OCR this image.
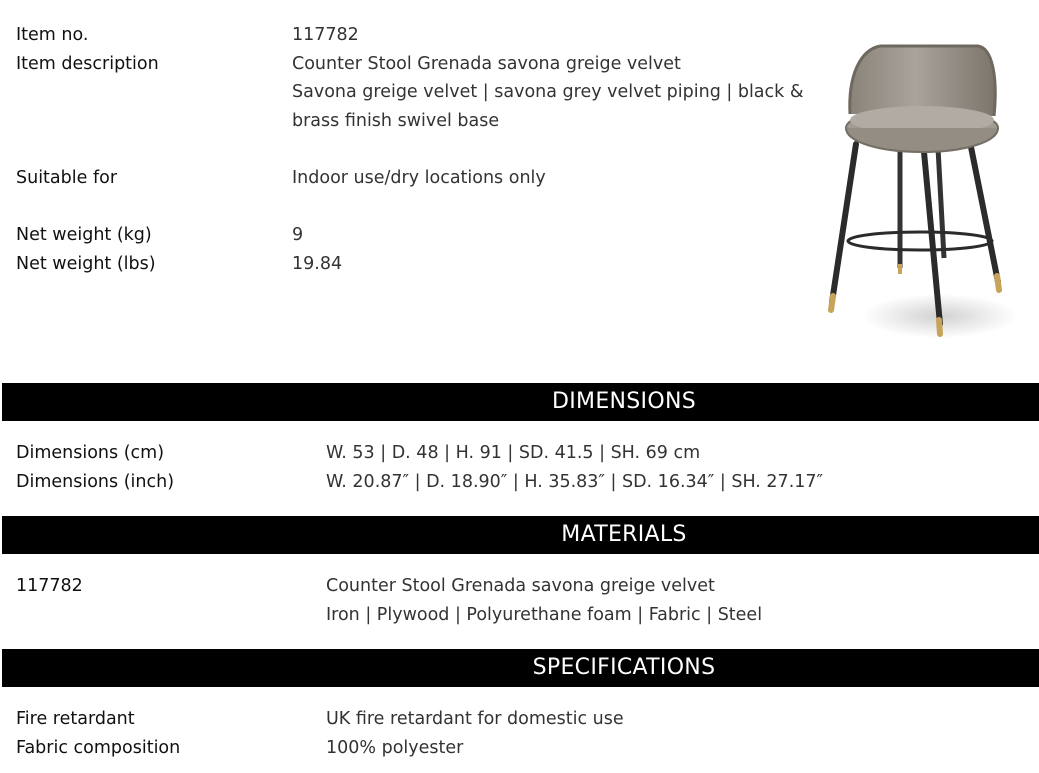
Item no.	117782
Item description	Counter Stool Grenada savona greige velvet
Savona greige velvet | savona grey velvet piping | black &
brass finish swivel base
Suitable for	Indoor use/dry locations only
Net weight (kg)	9
Net weight (lbs)	19.84
DIMENSIONS
Dimensions (cm)	W. 53 | D. 48 | H. 91 | SD. 41.5 | SH. 69 cm
Dimensions (inch)	W. 20.87″ | D. 18.90″ | H. 35.83″ | SD. 16.34″ | SH. 27.17″
MATERIALS
117782	Counter Stool Grenada savona greige velvet
Iron | Plywood | Polyurethane foam | Fabric | Steel
SPECIFICATIONS
Fire retardant	UK fire retardant for domestic use
Fabric composition	100% polyester
